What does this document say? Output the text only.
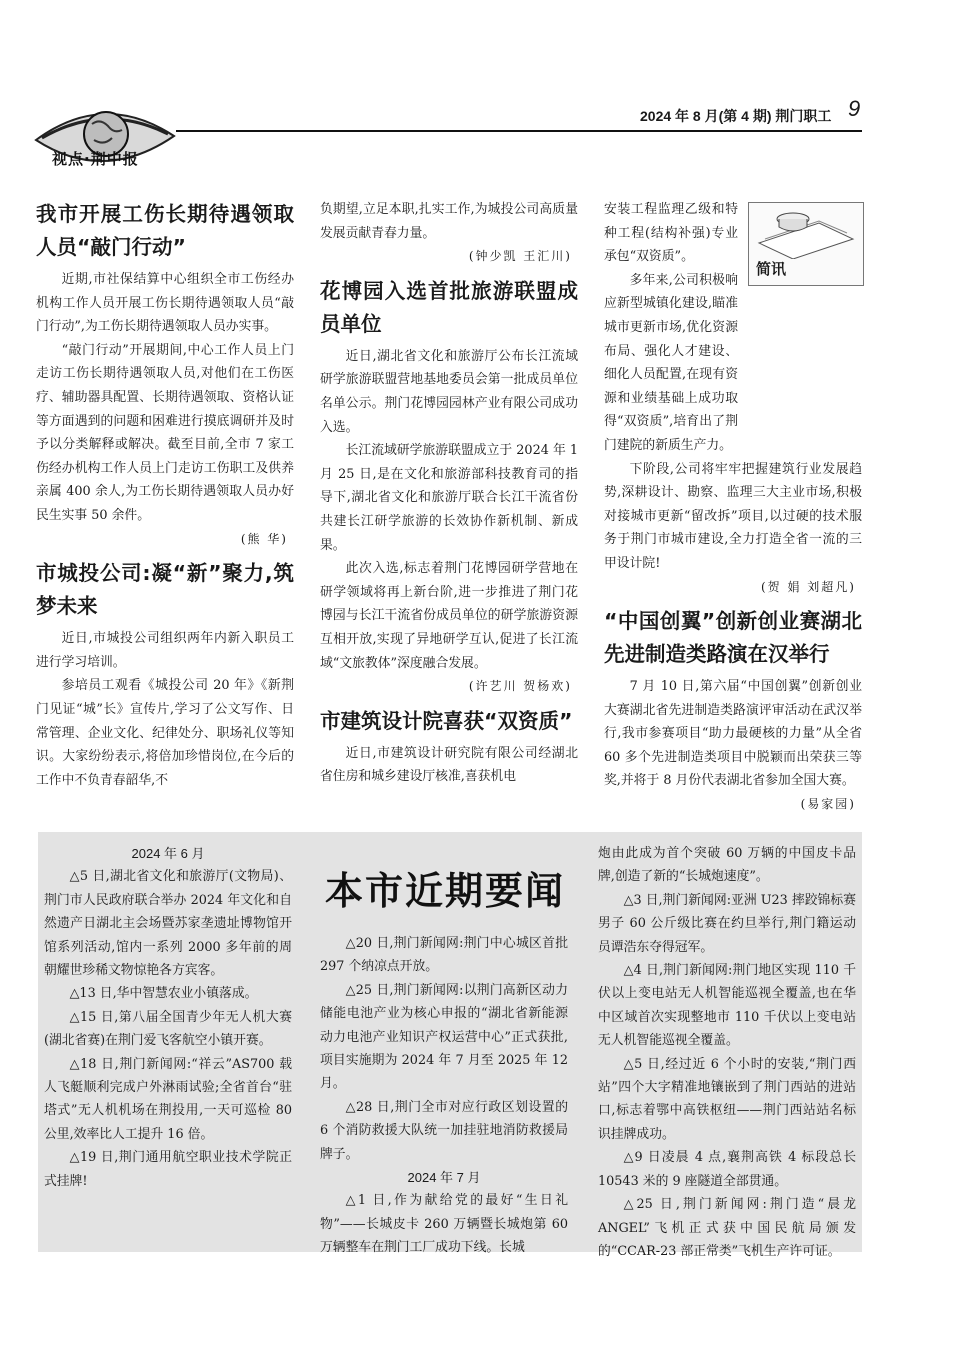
视点·荆中报
2024 年 8 月(第 4 期) 荆门职工 9
我市开展工伤长期待遇领取人员“敲门行动”

近期,市社保结算中心组织全市工伤经办机构工作人员开展工伤长期待遇领取人员“敲门行动”,为工伤长期待遇领取人员办实事。

“敲门行动”开展期间,中心工作人员上门走访工伤长期待遇领取人员,对他们在工伤医疗、辅助器具配置、长期待遇领取、资格认证等方面遇到的问题和困难进行摸底调研并及时予以分类解释或解决。截至目前,全市 7 家工伤经办机构工作人员上门走访工伤职工及供养亲属 400 余人,为工伤长期待遇领取人员办好民生实事 50 余件。

(熊 华)
市城投公司:凝“新”聚力,筑梦未来

近日,市城投公司组织两年内新入职员工进行学习培训。

参培员工观看《城投公司 20 年》《新荆门见证“城”长》宣传片,学习了公文写作、日常管理、企业文化、纪律处分、职场礼仪等知识。大家纷纷表示,将倍加珍惜岗位,在今后的工作中不负青春韶华,不

负期望,立足本职,扎实工作,为城投公司高质量发展贡献青春力量。

(钟少凯 王汇川)
花博园入选首批旅游联盟成员单位

近日,湖北省文化和旅游厅公布长江流域研学旅游联盟营地基地委员会第一批成员单位名单公示。荆门花博园园林产业有限公司成功入选。

长江流域研学旅游联盟成立于 2024 年 1 月 25 日,是在文化和旅游部科技教育司的指导下,湖北省文化和旅游厅联合长江干流省份共建长江研学旅游的长效协作新机制、新成果。

此次入选,标志着荆门花博园研学营地在研学领域将再上新台阶,进一步推进了荆门花博园与长江干流省份成员单位的研学旅游资源互相开放,实现了异地研学互认,促进了长江流域“文旅教体”深度融合发展。

(许艺川 贺杨欢)
市建筑设计院喜获“双资质”

近日,市建筑设计研究院有限公司经湖北省住房和城乡建设厅核准,喜获机电

简讯

安装工程监理乙级和特种工程(结构补强)专业承包“双资质”。

多年来,公司积极响应新型城镇化建设,瞄准城市更新市场,优化资源布局、强化人才建设、细化人员配置,在现有资源和业绩基础上成功取得“双资质”,培育出了荆门建院的新质生产力。

下阶段,公司将牢牢把握建筑行业发展趋势,深耕设计、勘察、监理三大主业市场,积极对接城市更新“留改拆”项目,以过硬的技术服务于荆门市城市建设,全力打造全省一流的三甲设计院!

(贺 娟 刘超凡)
“中国创翼”创新创业赛湖北先进制造类路演在汉举行

7 月 10 日,第六届“中国创翼”创新创业大赛湖北省先进制造类路演评审活动在武汉举行,我市参赛项目“助力最硬核的力量”从全省 60 多个先进制造类项目中脱颖而出荣获三等奖,并将于 8 月份代表湖北省参加全国大赛。

(易家园)
本市近期要闻

2024 年 6 月

△5 日,湖北省文化和旅游厅(文物局)、荆门市人民政府联合举办 2024 年文化和自然遗产日湖北主会场暨苏家垄遗址博物馆开馆系列活动,馆内一系列 2000 多年前的周朝耀世珍稀文物惊艳各方宾客。

△13 日,华中智慧农业小镇落成。

△15 日,第八届全国青少年无人机大赛(湖北省赛)在荆门爱飞客航空小镇开赛。

△18 日,荆门新闻网:“祥云”AS700 载人飞艇顺利完成户外淋雨试验;全省首台“驻塔式”无人机机场在荆投用,一天可巡检 80 公里,效率比人工提升 16 倍。

△19 日,荆门通用航空职业技术学院正式挂牌!

△20 日,荆门新闻网:荆门中心城区首批 297 个纳凉点开放。

△25 日,荆门新闻网:以荆门高新区动力储能电池产业为核心申报的“湖北省新能源动力电池产业知识产权运营中心”正式获批,项目实施期为 2024 年 7 月至 2025 年 12 月。

△28 日,荆门全市对应行政区划设置的 6 个消防救援大队统一加挂驻地消防救援局牌子。

2024 年 7 月

△1 日,作为献给党的最好“生日礼物”——长城皮卡 260 万辆暨长城炮第 60 万辆整车在荆门工厂成功下线。长城

炮由此成为首个突破 60 万辆的中国皮卡品牌,创造了新的“长城炮速度”。

△3 日,荆门新闻网:亚洲 U23 摔跤锦标赛男子 60 公斤级比赛在约旦举行,荆门籍运动员谭浩东夺得冠军。

△4 日,荆门新闻网:荆门地区实现 110 千伏以上变电站无人机智能巡视全覆盖,也在华中区域首次实现整地市 110 千伏以上变电站无人机智能巡视全覆盖。

△5 日,经过近 6 个小时的安装,“荆门西站”四个大字精准地镶嵌到了荆门西站的进站口,标志着鄂中高铁枢纽——荆门西站站名标识挂牌成功。

△9 日凌晨 4 点,襄荆高铁 4 标段总长 10543 米的 9 座隧道全部贯通。

△25 日,荆门新闻网:荆门造“晨龙ANGEL”飞机正式获中国民航局颁发的“CCAR-23 部正常类”飞机生产许可证。
